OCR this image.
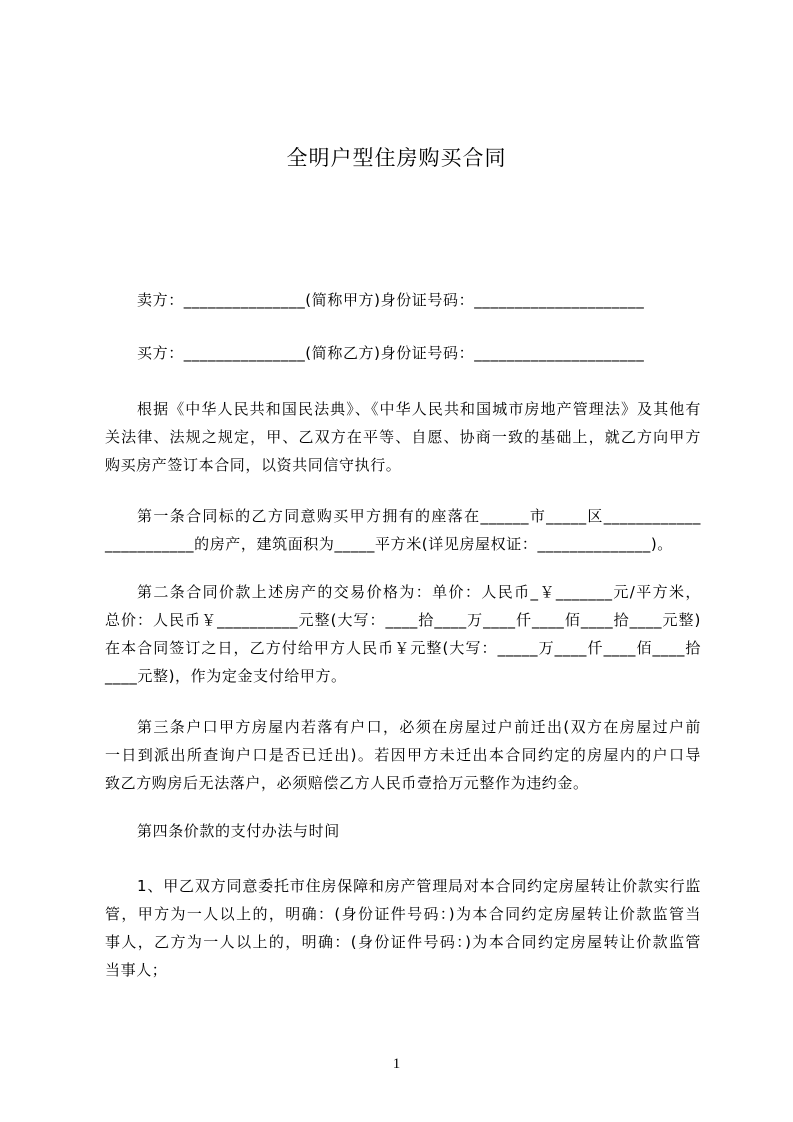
全明户型住房购买合同
卖方：_______________(简称甲方)身份证号码：_____________________
买方：_______________(简称乙方)身份证号码：_____________________
根据《中华人民共和国民法典》、《中华人民共和国城市房地产管理法》及其他有
关法律、法规之规定，甲、乙双方在平等、自愿、协商一致的基础上，就乙方向甲方
购买房产签订本合同，以资共同信守执行。
第一条合同标的乙方同意购买甲方拥有的座落在______市_____区____________
___________的房产，建筑面积为_____平方米(详见房屋权证：______________)。
第二条合同价款上述房产的交易价格为：单价：人民币_￥_______元/平方米，
总价：人民币￥__________元整(大写：____拾____万____仟____佰____拾____元整)
在本合同签订之日，乙方付给甲方人民币￥元整(大写：_____万____仟____佰____拾
____元整)，作为定金支付给甲方。
第三条户口甲方房屋内若落有户口，必须在房屋过户前迁出(双方在房屋过户前
一日到派出所查询户口是否已迁出)。若因甲方未迁出本合同约定的房屋内的户口导
致乙方购房后无法落户，必须赔偿乙方人民币壹拾万元整作为违约金。
第四条价款的支付办法与时间
1、甲乙双方同意委托市住房保障和房产管理局对本合同约定房屋转让价款实行监
管，甲方为一人以上的，明确：(身份证件号码：)为本合同约定房屋转让价款监管当
事人，乙方为一人以上的，明确：(身份证件号码：)为本合同约定房屋转让价款监管
当事人；
1
